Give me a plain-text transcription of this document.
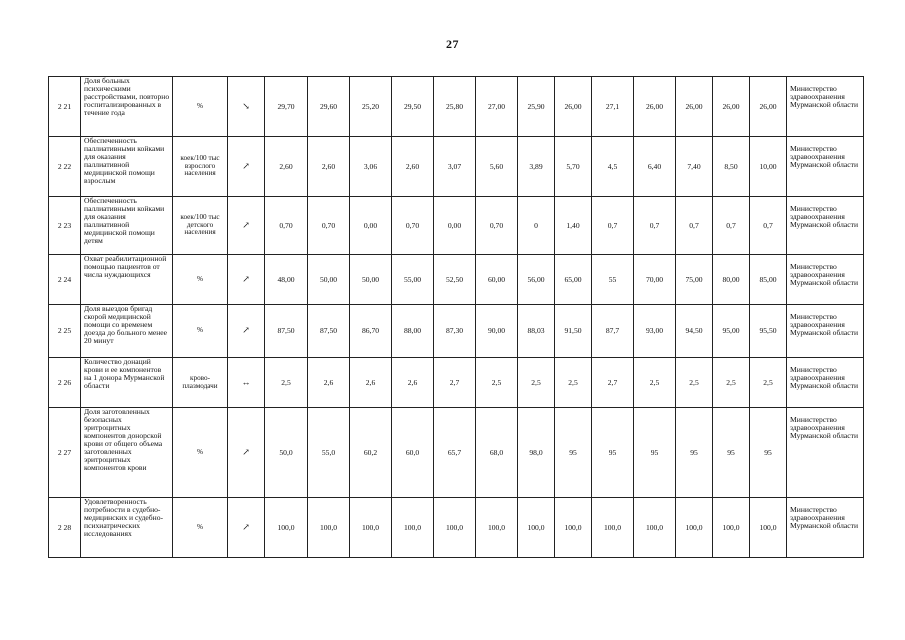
27
2 21	Доля больных психическими расстройствами, повторно госпитализированных в течение года	%	↘	29,70	29,60	25,20	29,50	25,80	27,00	25,90	26,00	27,1	26,00	26,00	26,00	26,00	Министерство здравоохранения Мурманской области
2 22	Обеспеченность паллиативными койками для оказания паллиативной медицинской помощи взрослым	коек/100 тыс взрослого населения	↗	2,60	2,60	3,06	2,60	3,07	5,60	3,89	5,70	4,5	6,40	7,40	8,50	10,00	Министерство здравоохранения Мурманской области
2 23	Обеспеченность паллиативными койками для оказания паллиативной медицинской помощи детям	коек/100 тыс детского населения	↗	0,70	0,70	0,00	0,70	0,00	0,70	0	1,40	0,7	0,7	0,7	0,7	0,7	Министерство здравоохранения Мурманской области
2 24	Охват реабилитационной помощью пациентов от числа нуждающихся	%	↗	48,00	50,00	50,00	55,00	52,50	60,00	56,00	65,00	55	70,00	75,00	80,00	85,00	Министерство здравоохранения Мурманской области
2 25	Доля выездов бригад скорой медицинской помощи со временем доезда до больного менее 20 минут	%	↗	87,50	87,50	86,70	88,00	87,30	90,00	88,03	91,50	87,7	93,00	94,50	95,00	95,50	Министерство здравоохранения Мурманской области
2 26	Количество донаций крови и ее компонентов на 1 донора Мурманской области	крово-плазмодачи	↔	2,5	2,6	2,6	2,6	2,7	2,5	2,5	2,5	2,7	2,5	2,5	2,5	2,5	Министерство здравоохранения Мурманской области
2 27	Доля заготовленных безопасных эритроцитных компонентов донорской крови от общего объема заготовленных эритроцитных компонентов крови	%	↗	50,0	55,0	60,2	60,0	65,7	68,0	98,0	95	95	95	95	95	95	Министерство здравоохранения Мурманской области
2 28	Удовлетворенность потребности в судебно-медицинских и судебно-психиатрических исследованиях	%	↗	100,0	100,0	100,0	100,0	100,0	100,0	100,0	100,0	100,0	100,0	100,0	100,0	100,0	Министерство здравоохранения Мурманской области
